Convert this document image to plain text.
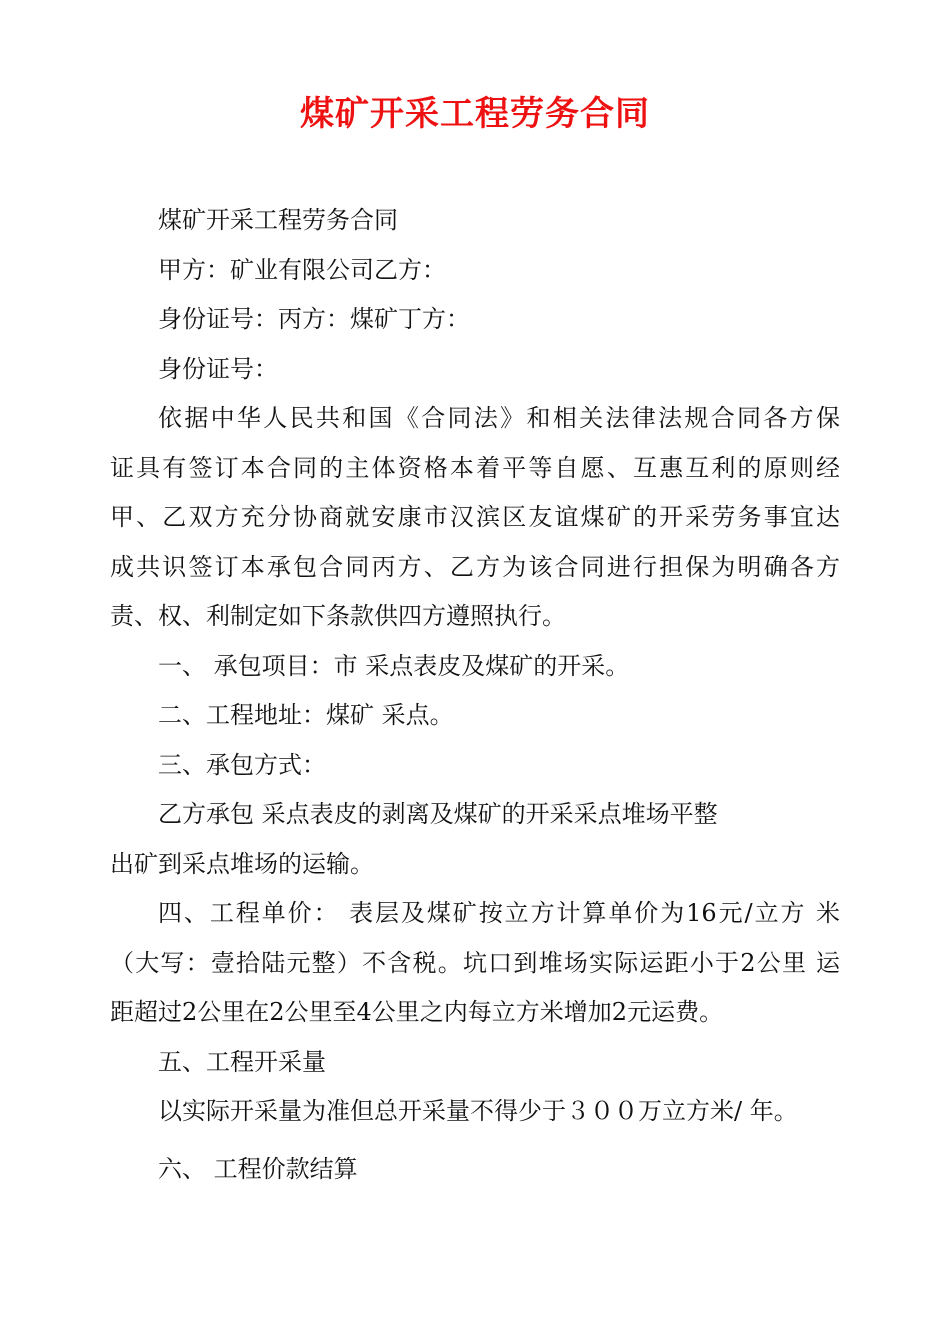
煤矿开采工程劳务合同

煤矿开采工程劳务合同

甲方：矿业有限公司乙方：

身份证号：丙方：煤矿丁方：

身份证号：

依据中华人民共和国《合同法》和相关法律法规合同各方保

证具有签订本合同的主体资格本着平等自愿、互惠互利的原则经

甲、乙双方充分协商就安康市汉滨区友谊煤矿的开采劳务事宜达

成共识签订本承包合同丙方、乙方为该合同进行担保为明确各方

责、权、利制定如下条款供四方遵照执行。

一、 承包项目：市 采点表皮及煤矿的开采。

二、工程地址：煤矿 采点。

三、承包方式：

乙方承包 采点表皮的剥离及煤矿的开采采点堆场平整

出矿到采点堆场的运输。

四、工程单价： 表层及煤矿按立方计算单价为16元/立方 米

（大写：壹拾陆元整）不含税。坑口到堆场实际运距小于2公里 运

距超过2公里在2公里至4公里之内每立方米增加2元运费。

五、工程开采量

以实际开采量为准但总开采量不得少于３００万立方米/ 年。

六、 工程价款结算
